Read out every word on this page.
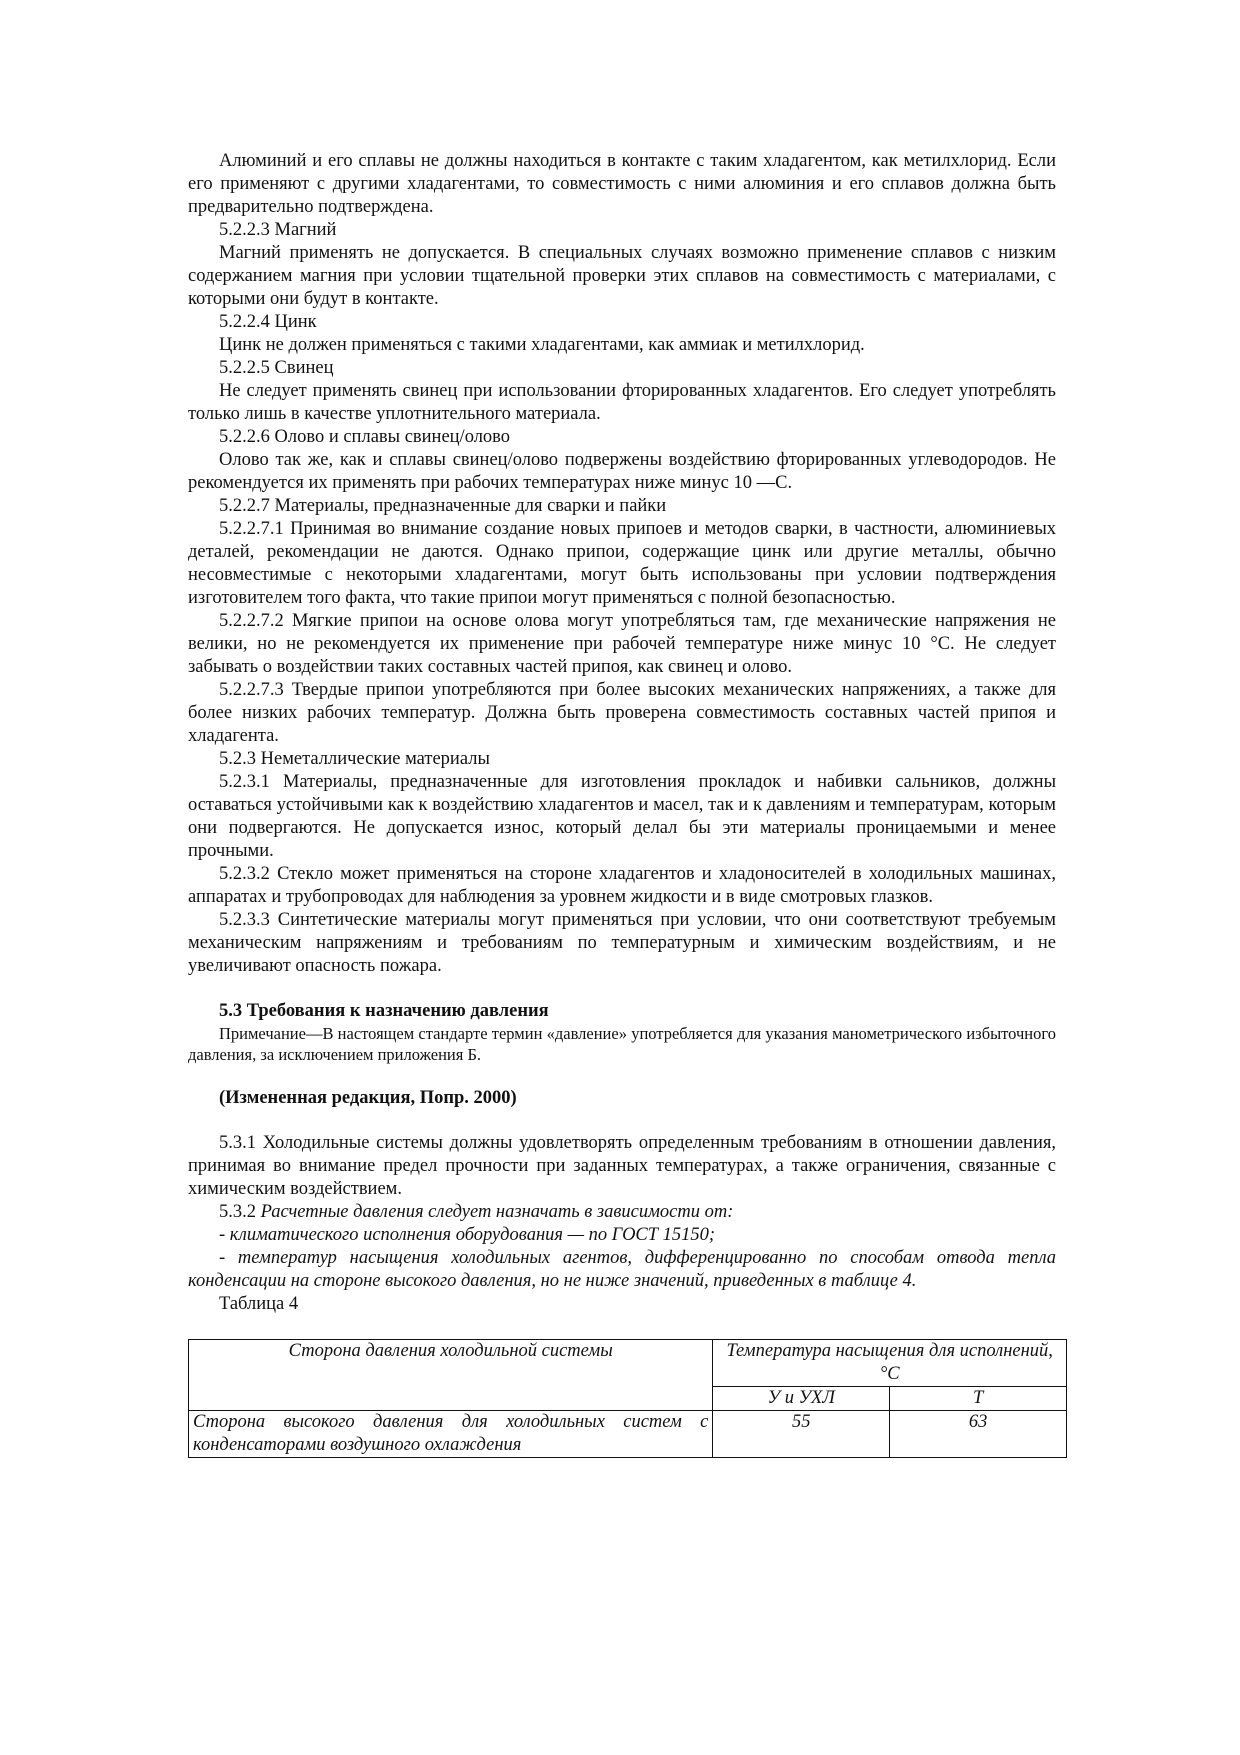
Алюминий и его сплавы не должны находиться в контакте с таким хладагентом, как метилхлорид. Если его применяют с другими хладагентами, то совместимость с ними алюминия и его сплавов должна быть предварительно подтверждена.

5.2.2.3 Магний

Магний применять не допускается. В специальных случаях возможно применение сплавов с низким содержанием магния при условии тщательной проверки этих сплавов на совместимость с материалами, с которыми они будут в контакте.

5.2.2.4 Цинк

Цинк не должен применяться с такими хладагентами, как аммиак и метилхлорид.

5.2.2.5 Свинец

Не следует применять свинец при использовании фторированных хладагентов. Его следует употреблять только лишь в качестве уплотнительного материала.

5.2.2.6 Олово и сплавы свинец/олово

Олово так же, как и сплавы свинец/олово подвержены воздействию фторированных углеводородов. Не рекомендуется их применять при рабочих температурах ниже минус 10 —С.

5.2.2.7 Материалы, предназначенные для сварки и пайки

5.2.2.7.1 Принимая во внимание создание новых припоев и методов сварки, в частности, алюминиевых деталей, рекомендации не даются. Однако припои, содержащие цинк или другие металлы, обычно несовместимые с некоторыми хладагентами, могут быть использованы при условии подтверждения изготовителем того факта, что такие припои могут применяться с полной безопасностью.

5.2.2.7.2 Мягкие припои на основе олова могут употребляться там, где механические напряжения не велики, но не рекомендуется их применение при рабочей температуре ниже минус 10 °С. Не следует забывать о воздействии таких составных частей припоя, как свинец и олово.

5.2.2.7.3 Твердые припои употребляются при более высоких механических напряжениях, а также для более низких рабочих температур. Должна быть проверена совместимость составных частей припоя и хладагента.

5.2.3 Неметаллические материалы

5.2.3.1 Материалы, предназначенные для изготовления прокладок и набивки сальников, должны оставаться устойчивыми как к воздействию хладагентов и масел, так и к давлениям и температурам, которым они подвергаются. Не допускается износ, который делал бы эти материалы проницаемыми и менее прочными.

5.2.3.2 Стекло может применяться на стороне хладагентов и хладоносителей в холодильных машинах, аппаратах и трубопроводах для наблюдения за уровнем жидкости и в виде смотровых глазков.

5.2.3.3 Синтетические материалы могут применяться при условии, что они соответствуют требуемым механическим напряжениям и требованиям по температурным и химическим воздействиям, и не увеличивают опасность пожара.

5.3 Требования к назначению давления

Примечание—В настоящем стандарте термин «давление» употребляется для указания манометрического избыточного давления, за исключением приложения Б.

(Измененная редакция, Попр. 2000)

5.3.1 Холодильные системы должны удовлетворять определенным требованиям в отношении давления, принимая во внимание предел прочности при заданных температурах, а также ограничения, связанные с химическим воздействием.

5.3.2 Расчетные давления следует назначать в зависимости от:

- климатического исполнения оборудования — по ГОСТ 15150;

- температур насыщения холодильных агентов, дифференцированно по способам отвода тепла конденсации на стороне высокого давления, но не ниже значений, приведенных в таблице 4.

Таблица 4

Сторона давления холодильной системы	Температура насыщения для исполнений, °С	
	У и УХЛ	Т
Сторона высокого давления для холодильных систем с конденсаторами воздушного охлаждения	55	63
